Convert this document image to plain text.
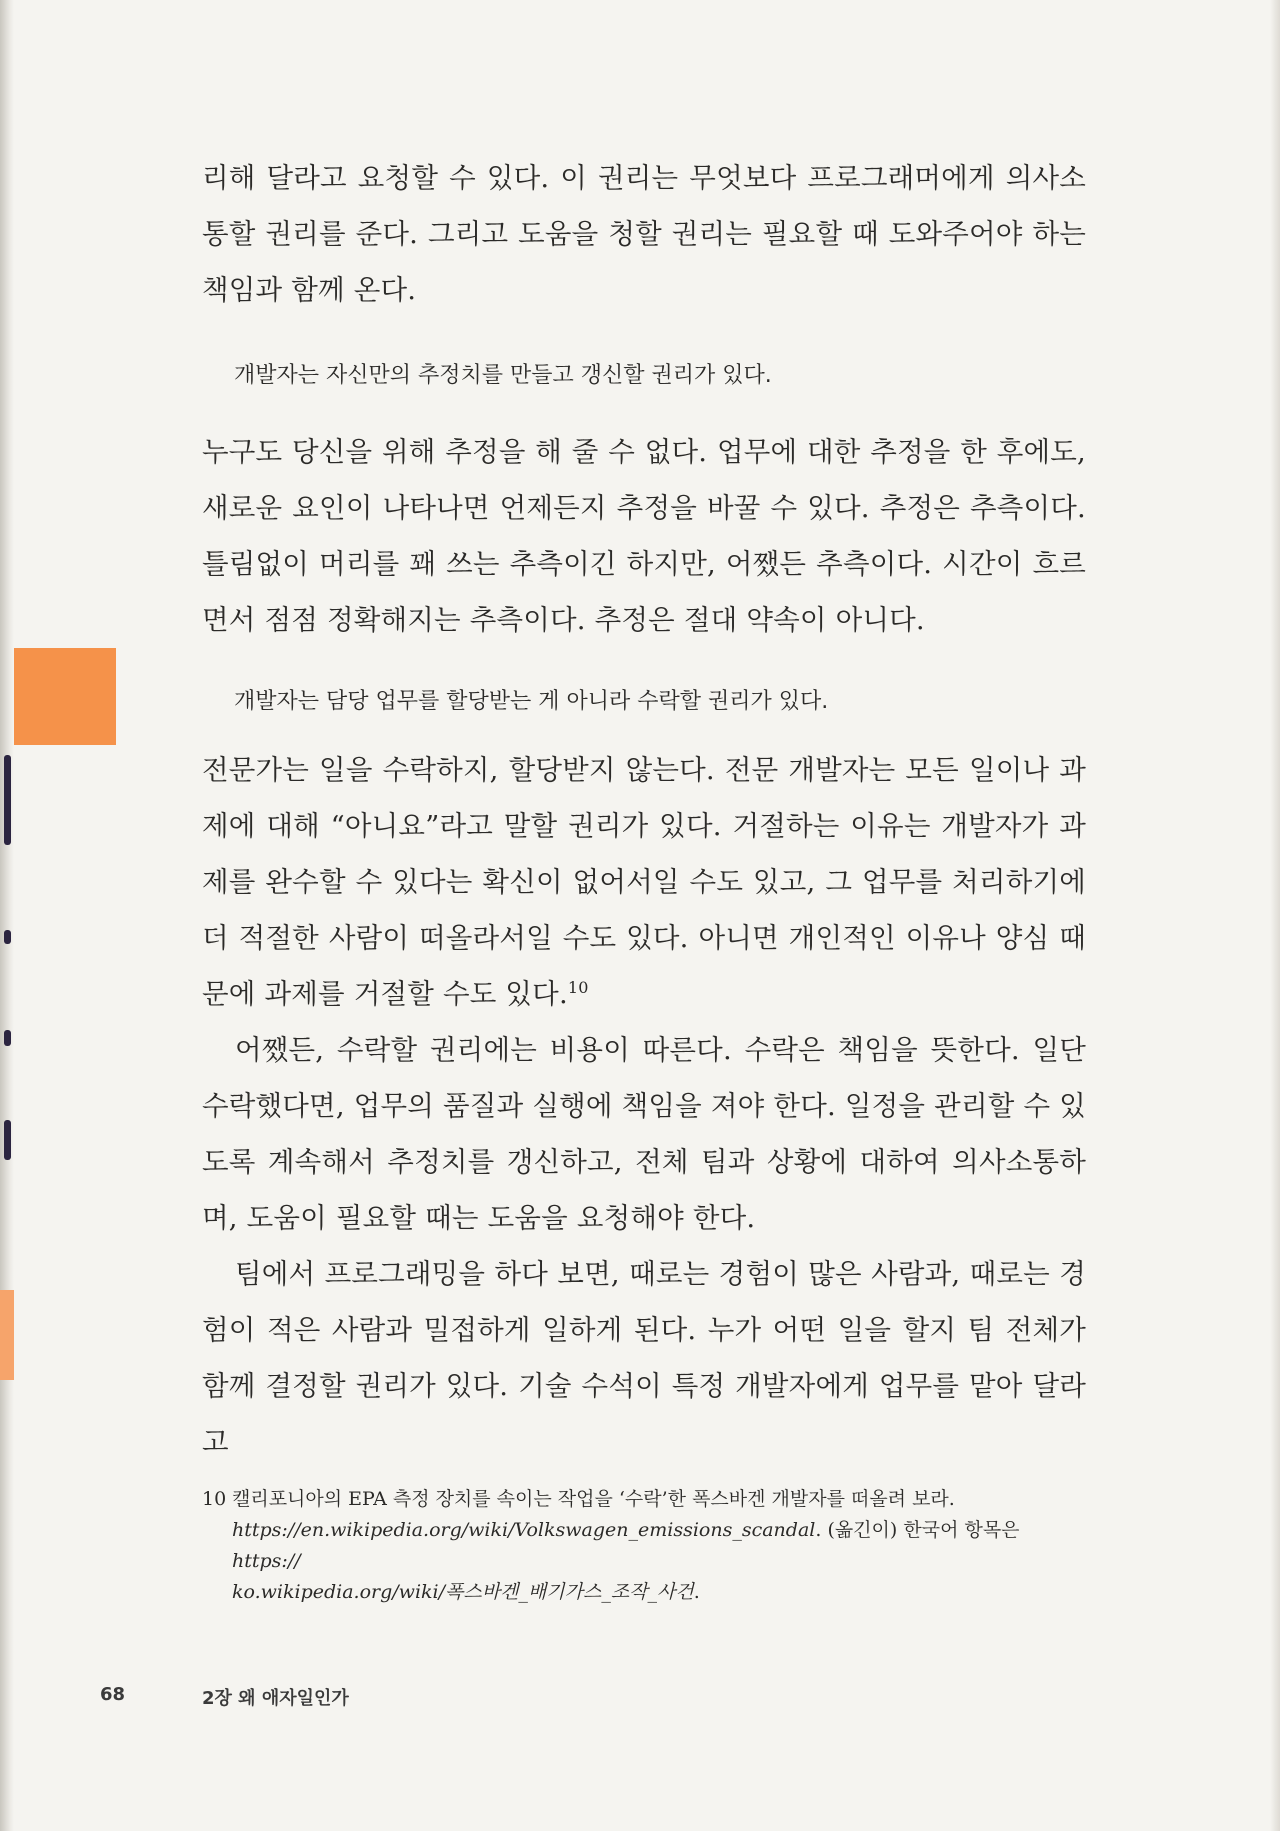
리해 달라고 요청할 수 있다. 이 권리는 무엇보다 프로그래머에게 의사소통할 권리를 준다. 그리고 도움을 청할 권리는 필요할 때 도와주어야 하는 책임과 함께 온다.

개발자는 자신만의 추정치를 만들고 갱신할 권리가 있다.

누구도 당신을 위해 추정을 해 줄 수 없다. 업무에 대한 추정을 한 후에도, 새로운 요인이 나타나면 언제든지 추정을 바꿀 수 있다. 추정은 추측이다. 틀림없이 머리를 꽤 쓰는 추측이긴 하지만, 어쨌든 추측이다. 시간이 흐르면서 점점 정확해지는 추측이다. 추정은 절대 약속이 아니다.

개발자는 담당 업무를 할당받는 게 아니라 수락할 권리가 있다.

전문가는 일을 수락하지, 할당받지 않는다. 전문 개발자는 모든 일이나 과제에 대해 “아니요”라고 말할 권리가 있다. 거절하는 이유는 개발자가 과제를 완수할 수 있다는 확신이 없어서일 수도 있고, 그 업무를 처리하기에 더 적절한 사람이 떠올라서일 수도 있다. 아니면 개인적인 이유나 양심 때문에 과제를 거절할 수도 있다.$^{10}$

어쨌든, 수락할 권리에는 비용이 따른다. 수락은 책임을 뜻한다. 일단 수락했다면, 업무의 품질과 실행에 책임을 져야 한다. 일정을 관리할 수 있도록 계속해서 추정치를 갱신하고, 전체 팀과 상황에 대하여 의사소통하며, 도움이 필요할 때는 도움을 요청해야 한다.

팀에서 프로그래밍을 하다 보면, 때로는 경험이 많은 사람과, 때로는 경험이 적은 사람과 밀접하게 일하게 된다. 누가 어떤 일을 할지 팀 전체가 함께 결정할 권리가 있다. 기술 수석이 특정 개발자에게 업무를 맡아 달라고

10 캘리포니아의 EPA 측정 장치를 속이는 작업을 ‘수락’한 폭스바겐 개발자를 떠올려 보라.
https://en.wikipedia.org/wiki/Volkswagen_emissions_scandal. (옮긴이) 한국어 항목은 https://
ko.wikipedia.org/wiki/폭스바겐_배기가스_조작_사건.
68	2장 왜 애자일인가
